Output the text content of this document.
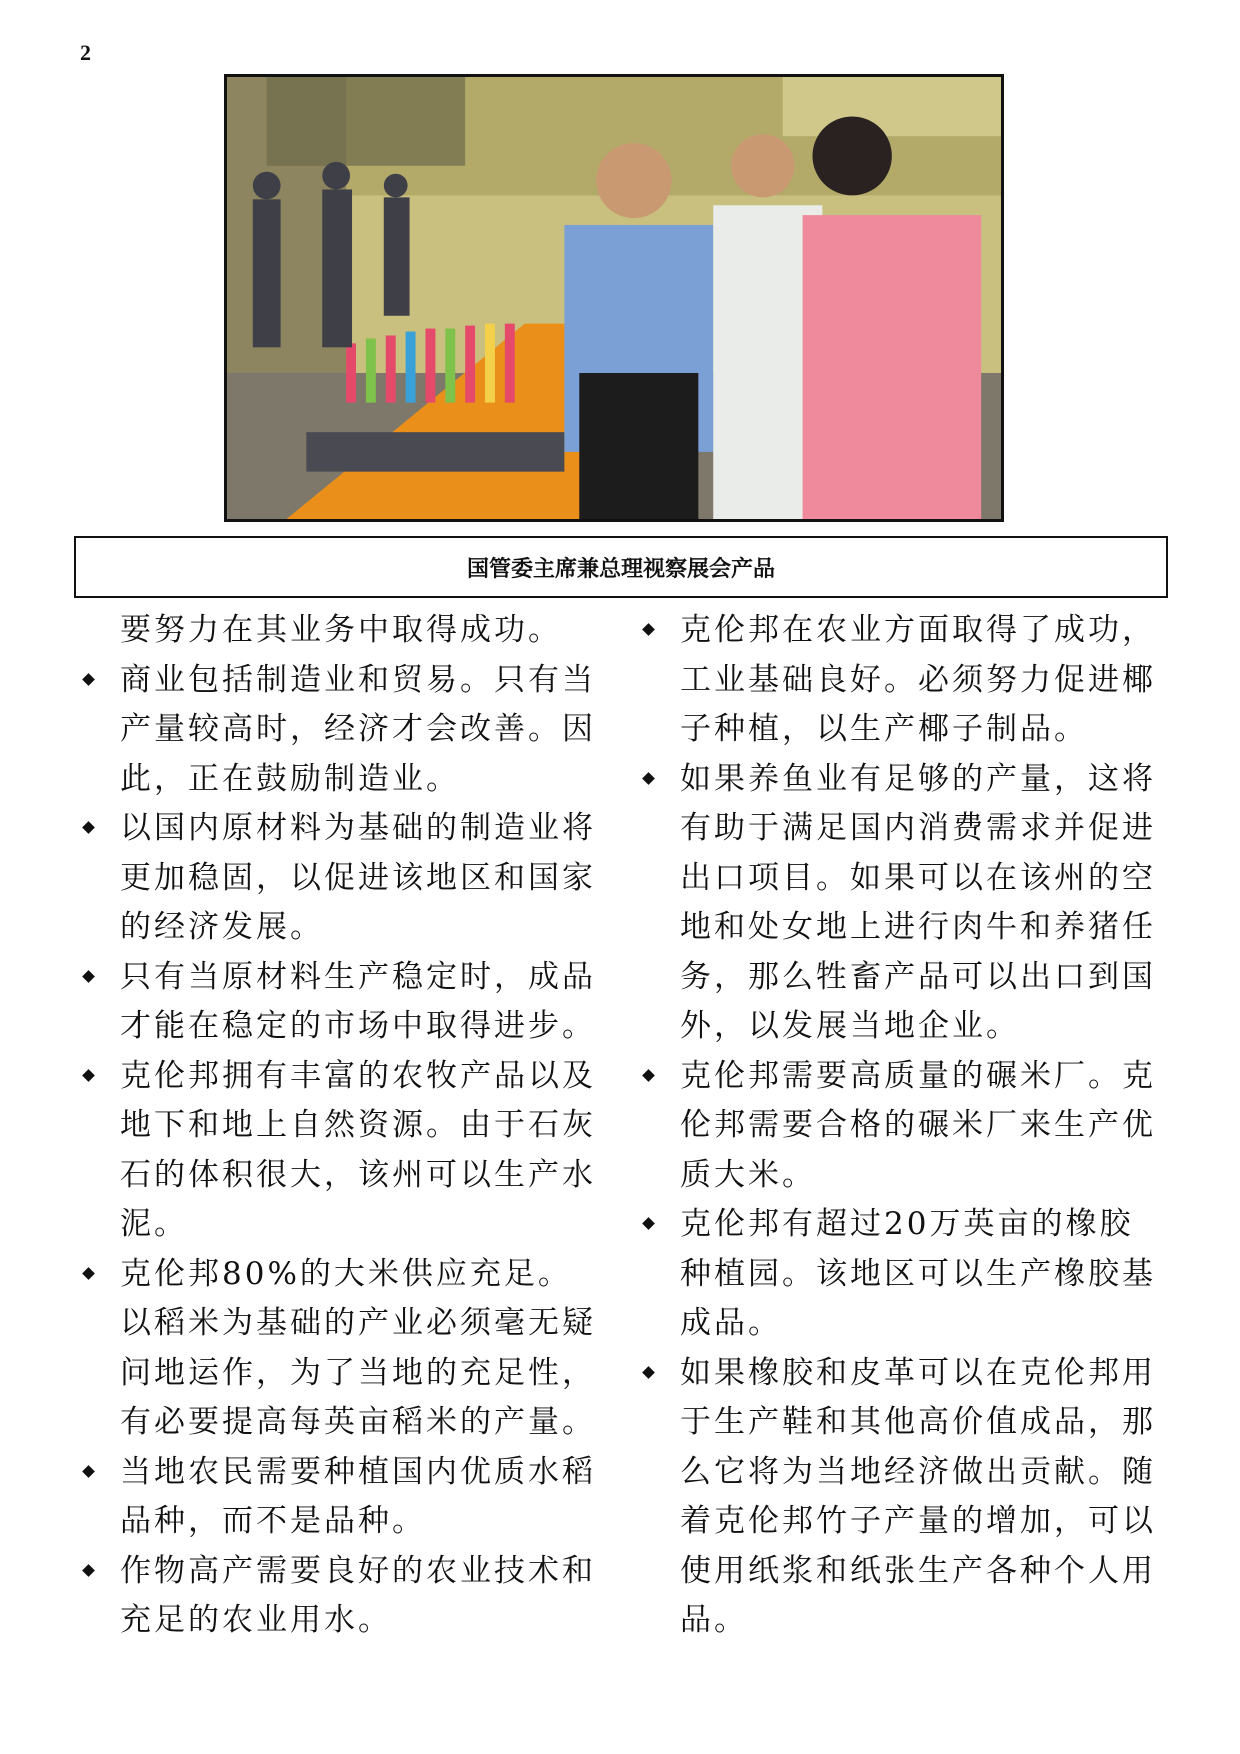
2
国管委主席兼总理视察展会产品

要努力在其业务中取得成功。

商业包括制造业和贸易。只有当产量较高时，经济才会改善。因此，正在鼓励制造业。

以国内原材料为基础的制造业将更加稳固，以促进该地区和国家的经济发展。

只有当原材料生产稳定时，成品才能在稳定的市场中取得进步。

克伦邦拥有丰富的农牧产品以及地下和地上自然资源。由于石灰石的体积很大，该州可以生产水泥。

克伦邦80%的大米供应充足。以稻米为基础的产业必须毫无疑问地运作，为了当地的充足性，有必要提高每英亩稻米的产量。

当地农民需要种植国内优质水稻品种，而不是品种。

作物高产需要良好的农业技术和充足的农业用水。

克伦邦在农业方面取得了成功，工业基础良好。必须努力促进椰子种植，以生产椰子制品。

如果养鱼业有足够的产量，这将有助于满足国内消费需求并促进出口项目。如果可以在该州的空地和处女地上进行肉牛和养猪任务，那么牲畜产品可以出口到国外，以发展当地企业。

克伦邦需要高质量的碾米厂。克伦邦需要合格的碾米厂来生产优质大米。

克伦邦有超过20万英亩的橡胶种植园。该地区可以生产橡胶基成品。

如果橡胶和皮革可以在克伦邦用于生产鞋和其他高价值成品，那么它将为当地经济做出贡献。随着克伦邦竹子产量的增加，可以使用纸浆和纸张生产各种个人用品。
